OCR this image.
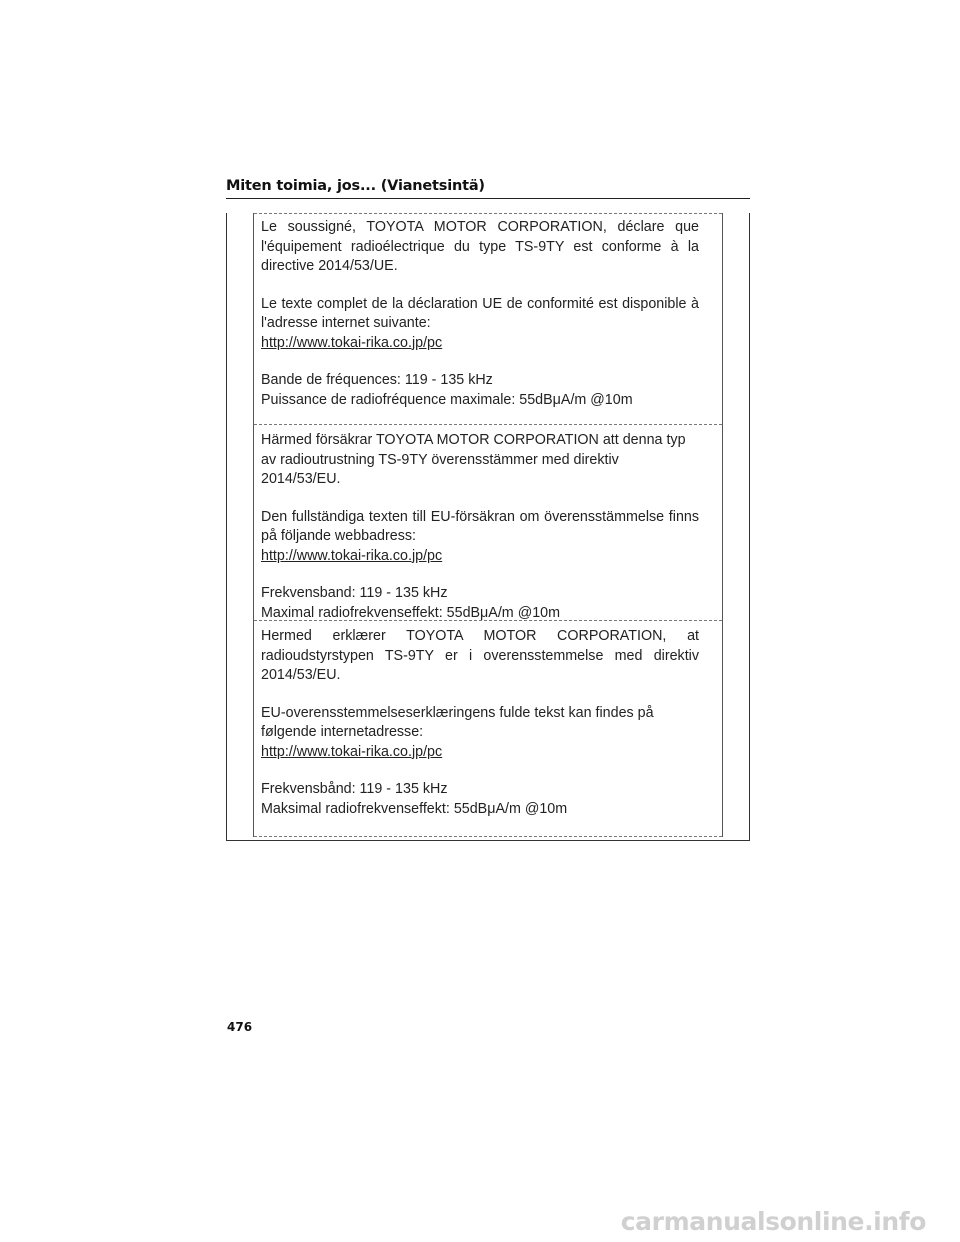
Miten toimia, jos... (Vianetsintä)

Le soussigné, TOYOTA MOTOR CORPORATION, déclare que l'équipement radioélectrique du type TS-9TY est conforme à la directive 2014/53/UE.

Le texte complet de la déclaration UE de conformité est disponible à l'adresse internet suivante:

http://www.tokai-rika.co.jp/pc

Bande de fréquences: 119 - 135 kHz

Puissance de radiofréquence maximale: 55dBμA/m @10m

Härmed försäkrar TOYOTA MOTOR CORPORATION att denna typ av radioutrustning TS-9TY överensstämmer med direktiv 2014/53/EU.

Den fullständiga texten till EU-försäkran om överensstämmelse finns på följande webbadress:

http://www.tokai-rika.co.jp/pc

Frekvensband: 119 - 135 kHz

Maximal radiofrekvenseffekt: 55dBμA/m @10m

Hermed erklærer TOYOTA MOTOR CORPORATION, at radioudstyrstypen TS-9TY er i overensstemmelse med direktiv 2014/53/EU.

EU-overensstemmelseserklæringens fulde tekst kan findes på

følgende internetadresse:

http://www.tokai-rika.co.jp/pc

Frekvensbånd: 119 - 135 kHz

Maksimal radiofrekvenseffekt: 55dBμA/m @10m

476
carmanualsonline.info
